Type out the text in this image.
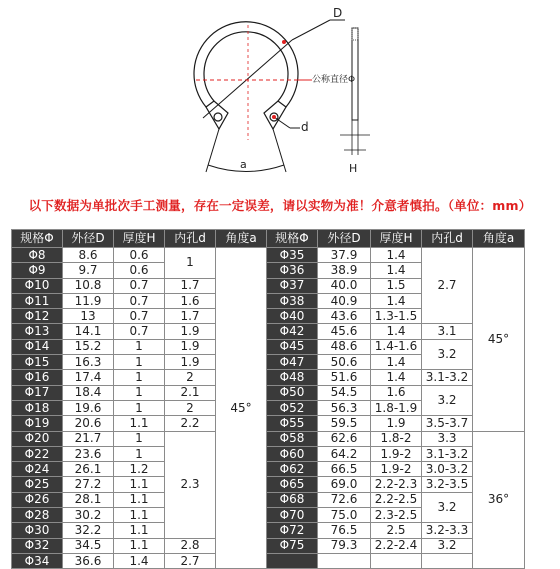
a
D
公称直径Φ
d
H
以下数据为单批次手工测量，存在一定误差，请以实物为准！介意者慎拍。（单位：mm）
规格Φ	外径D	厚度H	内孔d	角度a	规格Φ	外径D	厚度H	内孔d	角度a
Φ8	8.6	0.6	1	45°	Φ35	37.9	1.4	2.7	45°
Φ9	9.7	0.6			Φ36	38.9	1.4		
Φ10	10.8	0.7	1.7		Φ37	40.0	1.5		
Φ11	11.9	0.7	1.6		Φ38	40.9	1.4		
Φ12	13	0.7	1.7		Φ40	43.6	1.3-1.5		
Φ13	14.1	0.7	1.9		Φ42	45.6	1.4	3.1	
Φ14	15.2	1	1.9		Φ45	48.6	1.4-1.6	3.2	
Φ15	16.3	1	1.9		Φ47	50.6	1.4		
Φ16	17.4	1	2		Φ48	51.6	1.4	3.1-3.2	
Φ17	18.4	1	2.1		Φ50	54.5	1.6	3.2	
Φ18	19.6	1	2		Φ52	56.3	1.8-1.9		
Φ19	20.6	1.1	2.2		Φ55	59.5	1.9	3.5-3.7	
Φ20	21.7	1	2.3		Φ58	62.6	1.8-2	3.3	36°
Φ22	23.6	1			Φ60	64.2	1.9-2	3.1-3.2	
Φ24	26.1	1.2			Φ62	66.5	1.9-2	3.0-3.2	
Φ25	27.2	1.1			Φ65	69.0	2.2-2.3	3.2-3.5	
Φ26	28.1	1.1			Φ68	72.6	2.2-2.5	3.2	
Φ28	30.2	1.1			Φ70	75.0	2.3-2.5		
Φ30	32.2	1.1			Φ72	76.5	2.5	3.2-3.3	
Φ32	34.5	1.1	2.8		Φ75	79.3	2.2-2.4	3.2	
Φ34	36.6	1.4	2.7						
